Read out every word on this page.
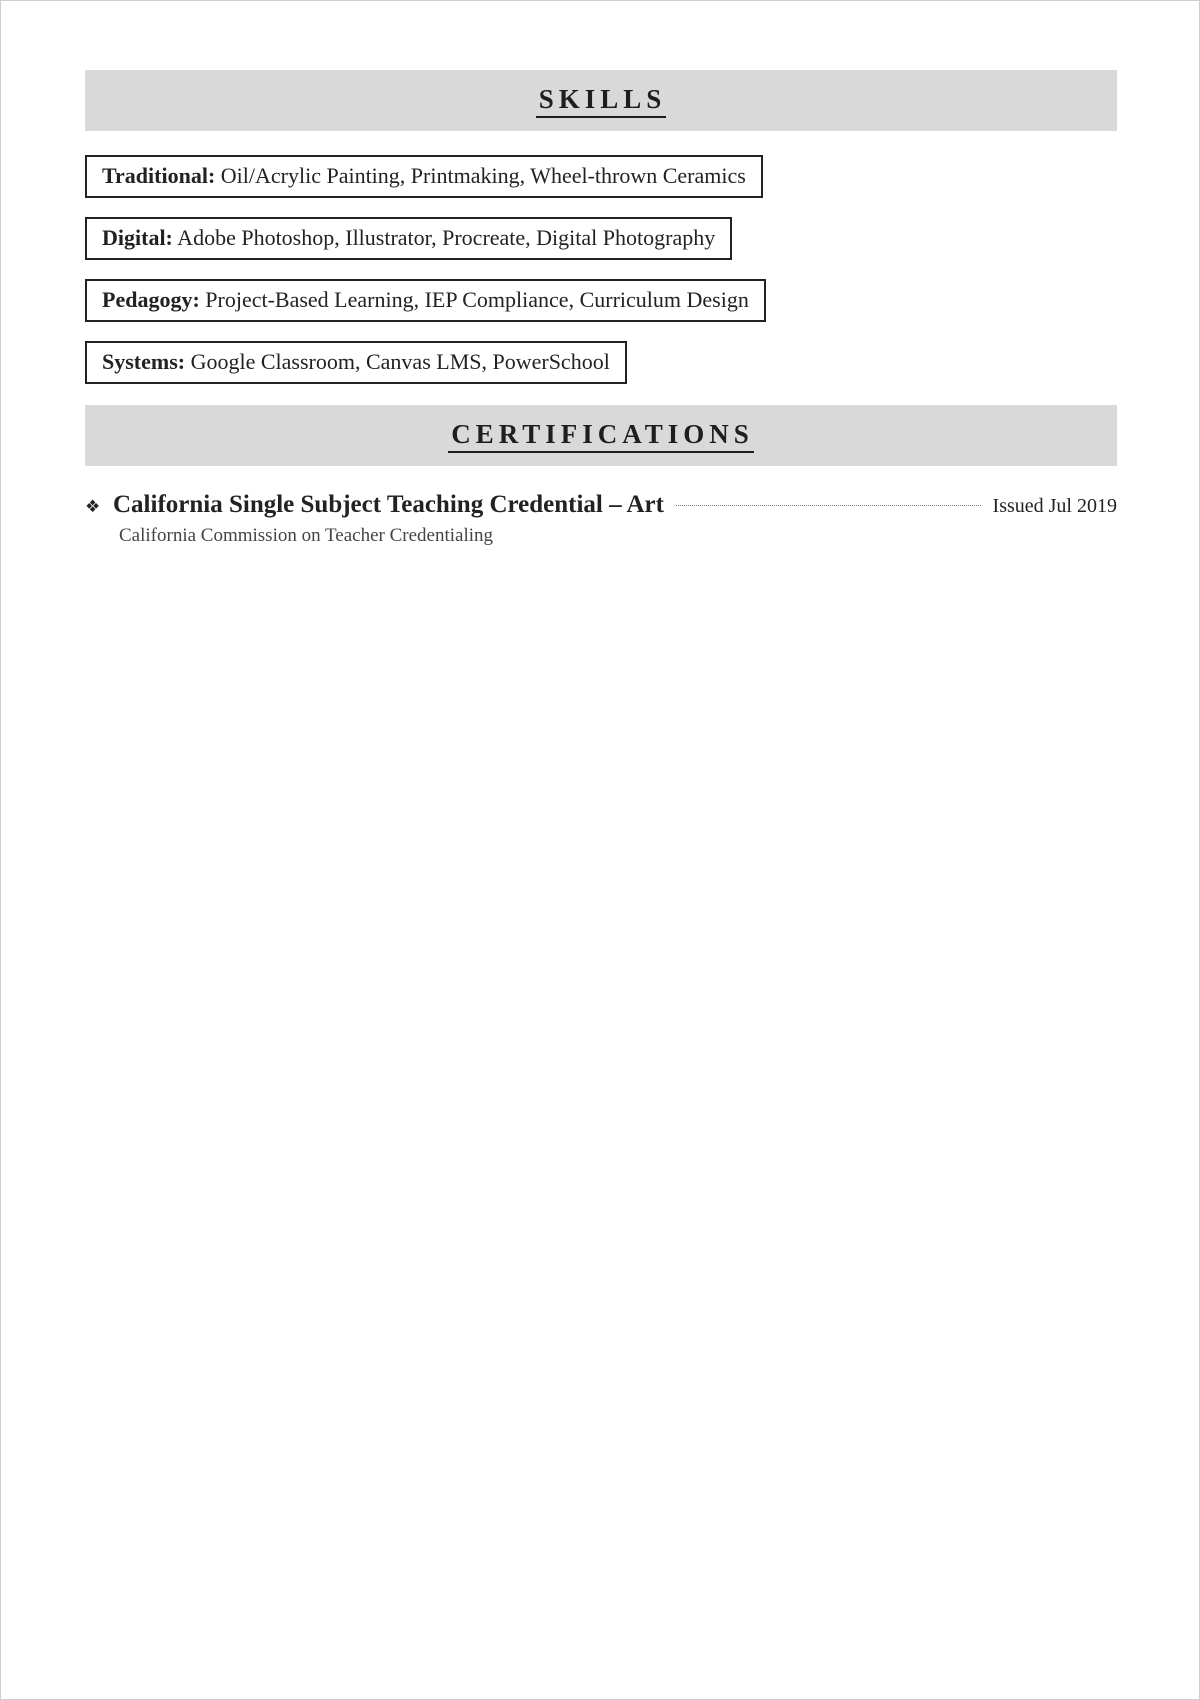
SKILLS
Traditional: Oil/Acrylic Painting, Printmaking, Wheel-thrown Ceramics
Digital: Adobe Photoshop, Illustrator, Procreate, Digital Photography
Pedagogy: Project-Based Learning, IEP Compliance, Curriculum Design
Systems: Google Classroom, Canvas LMS, PowerSchool
CERTIFICATIONS
❖ California Single Subject Teaching Credential – Art	Issued Jul 2019
California Commission on Teacher Credentialing
